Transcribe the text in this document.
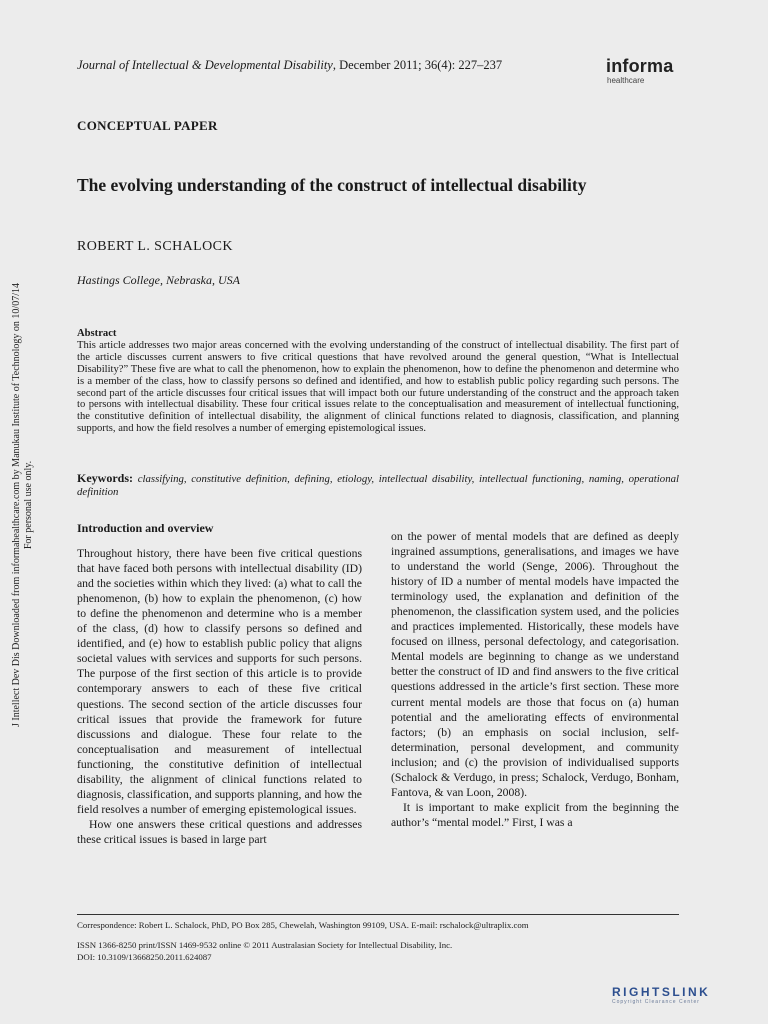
Journal of Intellectual & Developmental Disability, December 2011; 36(4): 227–237	informa
healthcare
CONCEPTUAL PAPER
The evolving understanding of the construct of intellectual disability
ROBERT L. SCHALOCK
Hastings College, Nebraska, USA
Abstract
This article addresses two major areas concerned with the evolving understanding of the construct of intellectual disability. The first part of the article discusses current answers to five critical questions that have revolved around the general question, “What is Intellectual Disability?” These five are what to call the phenomenon, how to explain the phenomenon, how to define the phenomenon and determine who is a member of the class, how to classify persons so defined and identified, and how to establish public policy regarding such persons. The second part of the article discusses four critical issues that will impact both our future understanding of the construct and the approach taken to persons with intellectual disability. These four critical issues relate to the conceptualisation and measurement of intellectual functioning, the constitutive definition of intellectual disability, the alignment of clinical functions related to diagnosis, classification, and planning supports, and how the field resolves a number of emerging epistemological issues.
Keywords: classifying, constitutive definition, defining, etiology, intellectual disability, intellectual functioning, naming, operational definition
Introduction and overview

Throughout history, there have been five critical questions that have faced both persons with intellectual disability (ID) and the societies within which they lived: (a) what to call the phenomenon, (b) how to explain the phenomenon, (c) how to define the phenomenon and determine who is a member of the class, (d) how to classify persons so defined and identified, and (e) how to establish public policy that aligns societal values with services and supports for such persons. The purpose of the first section of this article is to provide contemporary answers to each of these five critical questions. The second section of the article discusses four critical issues that provide the framework for future discussions and dialogue. These four relate to the conceptualisation and measurement of intellectual functioning, the constitutive definition of intellectual disability, the alignment of clinical functions related to diagnosis, classification, and supports planning, and how the field resolves a number of emerging epistemological issues.

How one answers these critical questions and addresses these critical issues is based in large part

on the power of mental models that are defined as deeply ingrained assumptions, generalisations, and images we have to understand the world (Senge, 2006). Throughout the history of ID a number of mental models have impacted the terminology used, the explanation and definition of the phenomenon, the classification system used, and the policies and practices implemented. Historically, these models have focused on illness, personal defectology, and categorisation. Mental models are beginning to change as we understand better the construct of ID and find answers to the five critical questions addressed in the article’s first section. These more current mental models are those that focus on (a) human potential and the ameliorating effects of environmental factors; (b) an emphasis on social inclusion, self-determination, personal development, and community inclusion; and (c) the provision of individualised supports (Schalock & Verdugo, in press; Schalock, Verdugo, Bonham, Fantova, & van Loon, 2008).

It is important to make explicit from the beginning the author’s “mental model.” First, I was a

Correspondence: Robert L. Schalock, PhD, PO Box 285, Chewelah, Washington 99109, USA. E-mail: rschalock@ultraplix.com
ISSN 1366-8250 print/ISSN 1469-9532 online © 2011 Australasian Society for Intellectual Disability, Inc.
DOI: 10.3109/13668250.2011.624087
J Intellect Dev Dis Downloaded from informahealthcare.com by Manukau Institute of Technology on 10/07/14 For personal use only.
RIGHTSLINK
Copyright Clearance Center
